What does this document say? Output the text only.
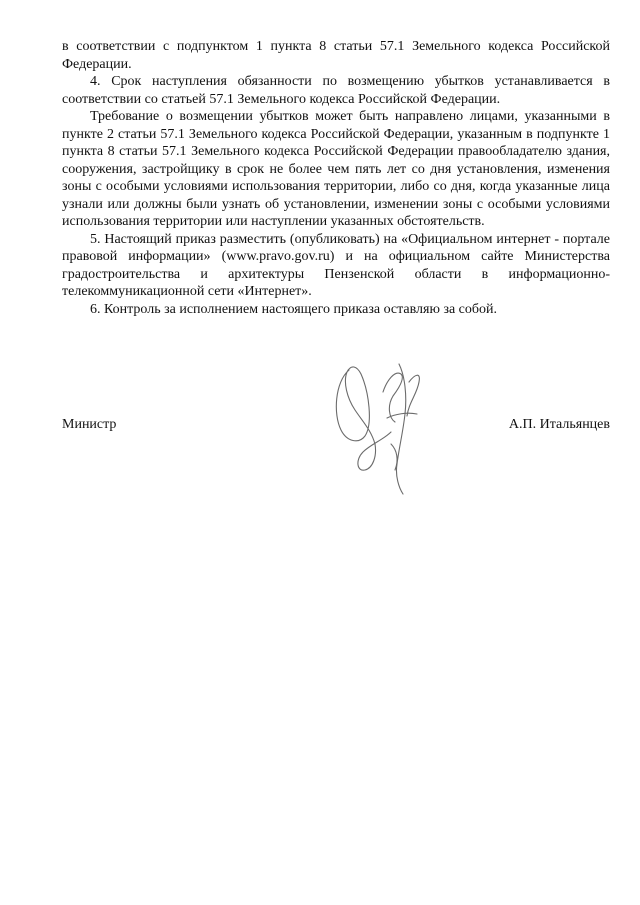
в соответствии с подпунктом 1 пункта 8 статьи 57.1 Земельного кодекса Российской Федерации.

4. Срок наступления обязанности по возмещению убытков устанавливается в соответствии со статьей 57.1 Земельного кодекса Российской Федерации.

Требование о возмещении убытков может быть направлено лицами, указанными в пункте 2 статьи 57.1 Земельного кодекса Российской Федерации, указанным в подпункте 1 пункта 8 статьи 57.1 Земельного кодекса Российской Федерации правообладателю здания, сооружения, застройщику в срок не более чем пять лет со дня установления, изменения зоны с особыми условиями использования территории, либо со дня, когда указанные лица узнали или должны были узнать об установлении, изменении зоны с особыми условиями использования территории или наступлении указанных обстоятельств.

5. Настоящий приказ разместить (опубликовать) на «Официальном интернет - портале правовой информации» (www.pravo.gov.ru) и на официальном сайте Министерства градостроительства и архитектуры Пензенской области в информационно-телекоммуникационной сети «Интернет».

6. Контроль за исполнением настоящего приказа оставляю за собой.

Министр	А.П. Итальянцев
